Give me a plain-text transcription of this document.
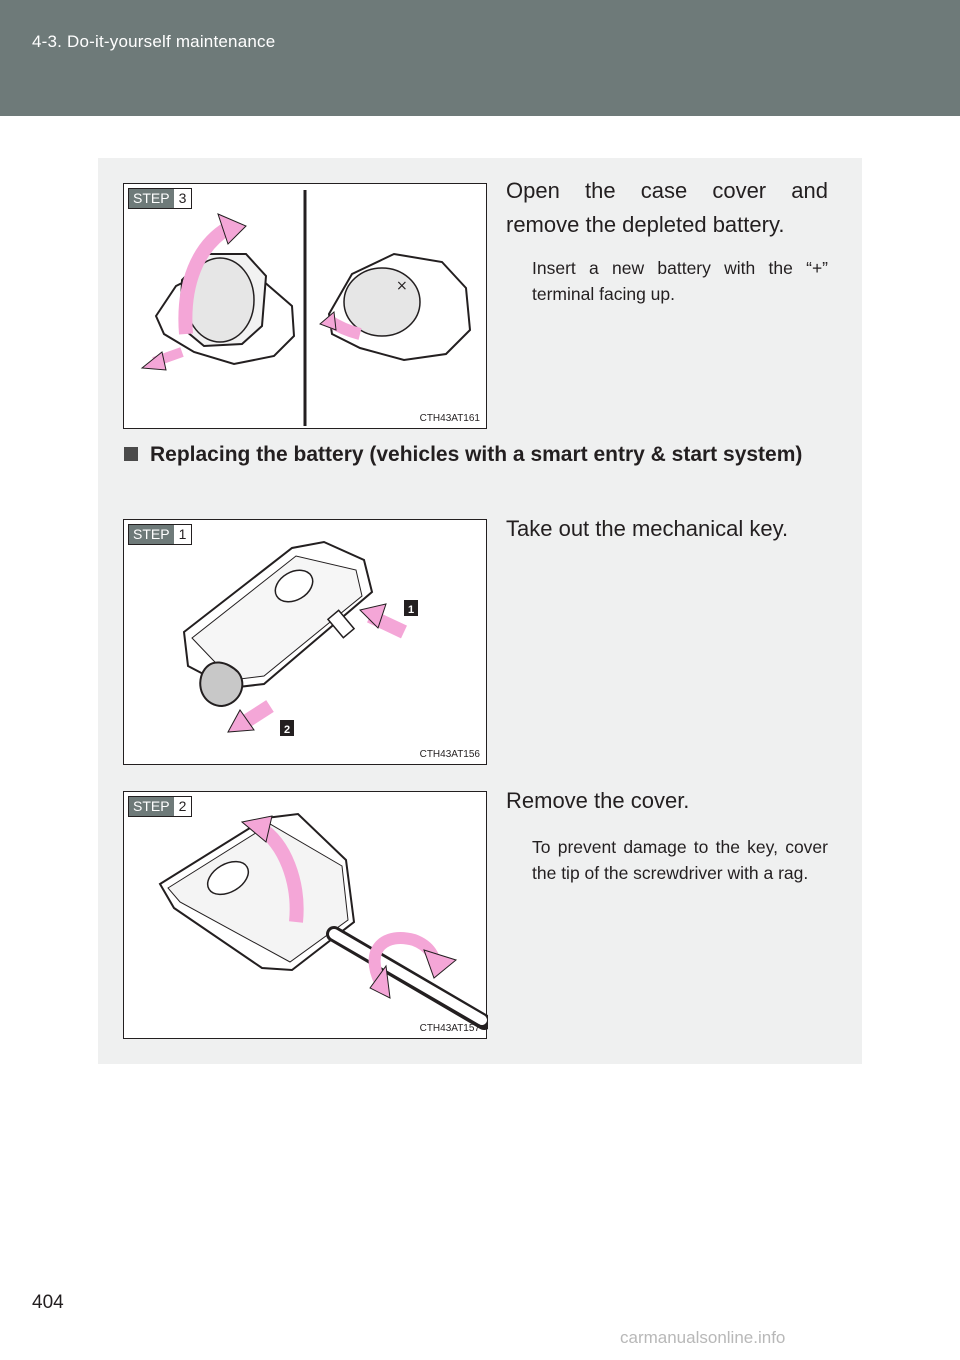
4-3. Do-it-yourself maintenance
×
STEP 3
CTH43AT161
Open the case cover and remove the depleted battery.
Insert a new battery with the “+” terminal facing up.
Replacing the battery (vehicles with a smart entry & start system)
1
2
STEP 1
CTH43AT156
Take out the mechanical key.
STEP 2
CTH43AT157
Remove the cover.
To prevent damage to the key, cover the tip of the screwdriver with a rag.
404
carmanualsonline.info
